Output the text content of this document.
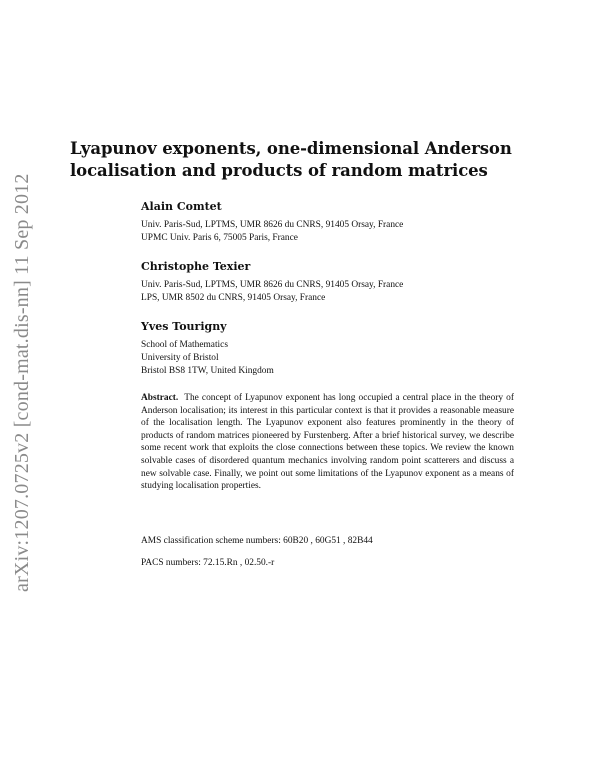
arXiv:1207.0725v2 [cond-mat.dis-nn] 11 Sep 2012
Lyapunov exponents, one-dimensional Anderson
localisation and products of random matrices
Alain Comtet
Univ. Paris-Sud, LPTMS, UMR 8626 du CNRS, 91405 Orsay, France
UPMC Univ. Paris 6, 75005 Paris, France
Christophe Texier
Univ. Paris-Sud, LPTMS, UMR 8626 du CNRS, 91405 Orsay, France
LPS, UMR 8502 du CNRS, 91405 Orsay, France
Yves Tourigny
School of Mathematics
University of Bristol
Bristol BS8 1TW, United Kingdom

Abstract. The concept of Lyapunov exponent has long occupied a central place in the theory of Anderson localisation; its interest in this particular context is that it provides a reasonable measure of the localisation length. The Lyapunov exponent also features prominently in the theory of products of random matrices pioneered by Furstenberg. After a brief historical survey, we describe some recent work that exploits the close connections between these topics. We review the known solvable cases of disordered quantum mechanics involving random point scatterers and discuss a new solvable case. Finally, we point out some limitations of the Lyapunov exponent as a means of studying localisation properties.

AMS classification scheme numbers: 60B20 , 60G51 , 82B44
PACS numbers: 72.15.Rn , 02.50.-r
